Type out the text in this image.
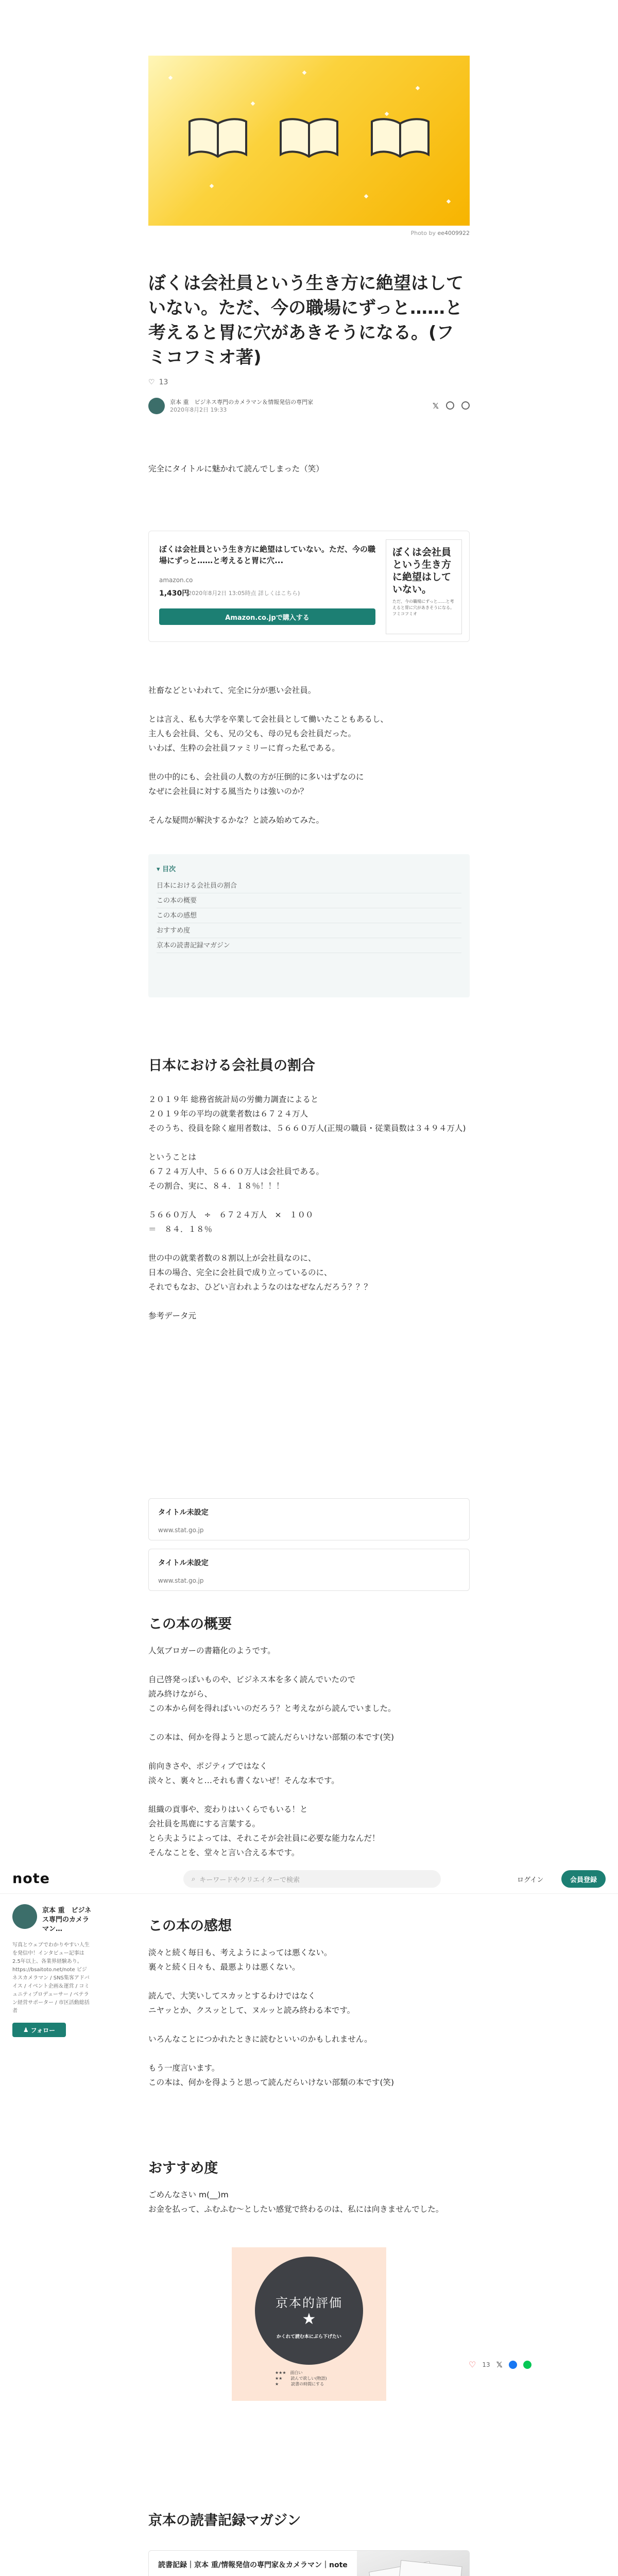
Photo by ee4009922
ぼくは会社員という生き方に絶望はしていない。ただ、今の職場にずっと……と考えると胃に穴があきそうになる。(フミコフミオ著)
♡ 13
京本 重　ビジネス専門のカメラマン＆情報発信の専門家
2020年8月2日 19:33	𝕏
完全にタイトルに魅かれて読んでしまった（笑）
ぼくは会社員という生き方に絶望はしていない。ただ、今の職場にずっと……と考えると胃に穴...
amazon.co
1,430円
(2020年8月2日 13:05時点 詳しくはこちら)
Amazon.co.jpで購入する
ぼくは会社員という生き方に絶望はしていない。
ただ、今の職場にずっと……と考えると胃に穴があきそうになる。　フミコフミオ
社畜などといわれて、完全に分が悪い会社員。
とは言え、私も大学を卒業して会社員として働いたこともあるし、
主人も会社員、父も、兄の父も、母の兄も会社員だった。
いわば、生粋の会社員ファミリーに育った私である。
世の中的にも、会社員の人数の方が圧倒的に多いはずなのに
なぜに会社員に対する風当たりは強いのか？
そんな疑問が解決するかな？と読み始めてみた。
▾ 目次
日本における会社員の割合
この本の概要
この本の感想
おすすめ度
京本の読書記録マガジン
日本における会社員の割合
２０１９年 総務省統計局の労働力調査によると
２０１９年の平均の就業者数は６７２４万人
そのうち、役員を除く雇用者数は、５６６０万人(正規の職員・従業員数は３４９４万人)
ということは
６７２４万人中、５６６０万人は会社員である。
その割合、実に、８４．１８％！！！
５６６０万人　÷　６７２４万人　×　１００
＝　８４．１８％
世の中の就業者数の８割以上が会社員なのに、
日本の場合、完全に会社員で成り立っているのに、
それでもなお、ひどい言われようなのはなぜなんだろう？？？
参考データ元
タイトル未設定
www.stat.go.jp
タイトル未設定
www.stat.go.jp
この本の概要
人気ブロガーの書籍化のようです。
自己啓発っぽいものや、ビジネス本を多く読んでいたので
読み終けながら、
この本から何を得ればいいのだろう？と考えながら読んでいました。
この本は、何かを得ようと思って読んだらいけない部類の本です(笑)
前向きさや、ポジティブではなく
淡々と、裏々と…それも書くないぜ！そんな本です。
組織の貢事や、変わりはいくらでもいる！と
会社員を馬鹿にする言葉する。
とら夫ようによっては、それこそが会社員に必要な能力なんだ！
そんなことを、堂々と言い合える本です。
note	⌕ キーワードやクリエイターで検索	ログイン	会員登録
京本 重　ビジネス専門のカメラマン…
写真とウェブでわかりやすい人生を発信中！インタビュー記事は2.5年以上、各業界経験あり。https://bsaitoto.net/note ビジネスカメラマン / SNS集客アドバイス / イベント企画＆運営 / コミュニティプロデューサー / ベテラン経営サポーター / 市区活動総括者
♟ フォロー
この本の感想
淡々と続く毎日も、考えようによっては悪くない。
裏々と続く日々も、最悪よりは悪くない。
読んで、大笑いしてスカッとするわけではなく
ニヤッとか、クスッとして、ヌルッと読み終わる本です。
いろんなことにつかれたときに読むといいのかもしれません。
もう一度言います。
この本は、何かを得ようと思って読んだらいけない部類の本です(笑)
おすすめ度
ごめんなさい m(__)m
お金を払って、ふむふむ～としたい感覚で終わるのは、私には向きませんでした。
京本的評価
★
かくれて読む本にぶら下げたい
★★★　面白い
★★　　読んで欲しい(物語)
★　　　読書の時間にする
♡ 13 𝕏
京本の読書記録マガジン
読書記録｜京本 重/情報発信の専門家＆カメラマン｜note
